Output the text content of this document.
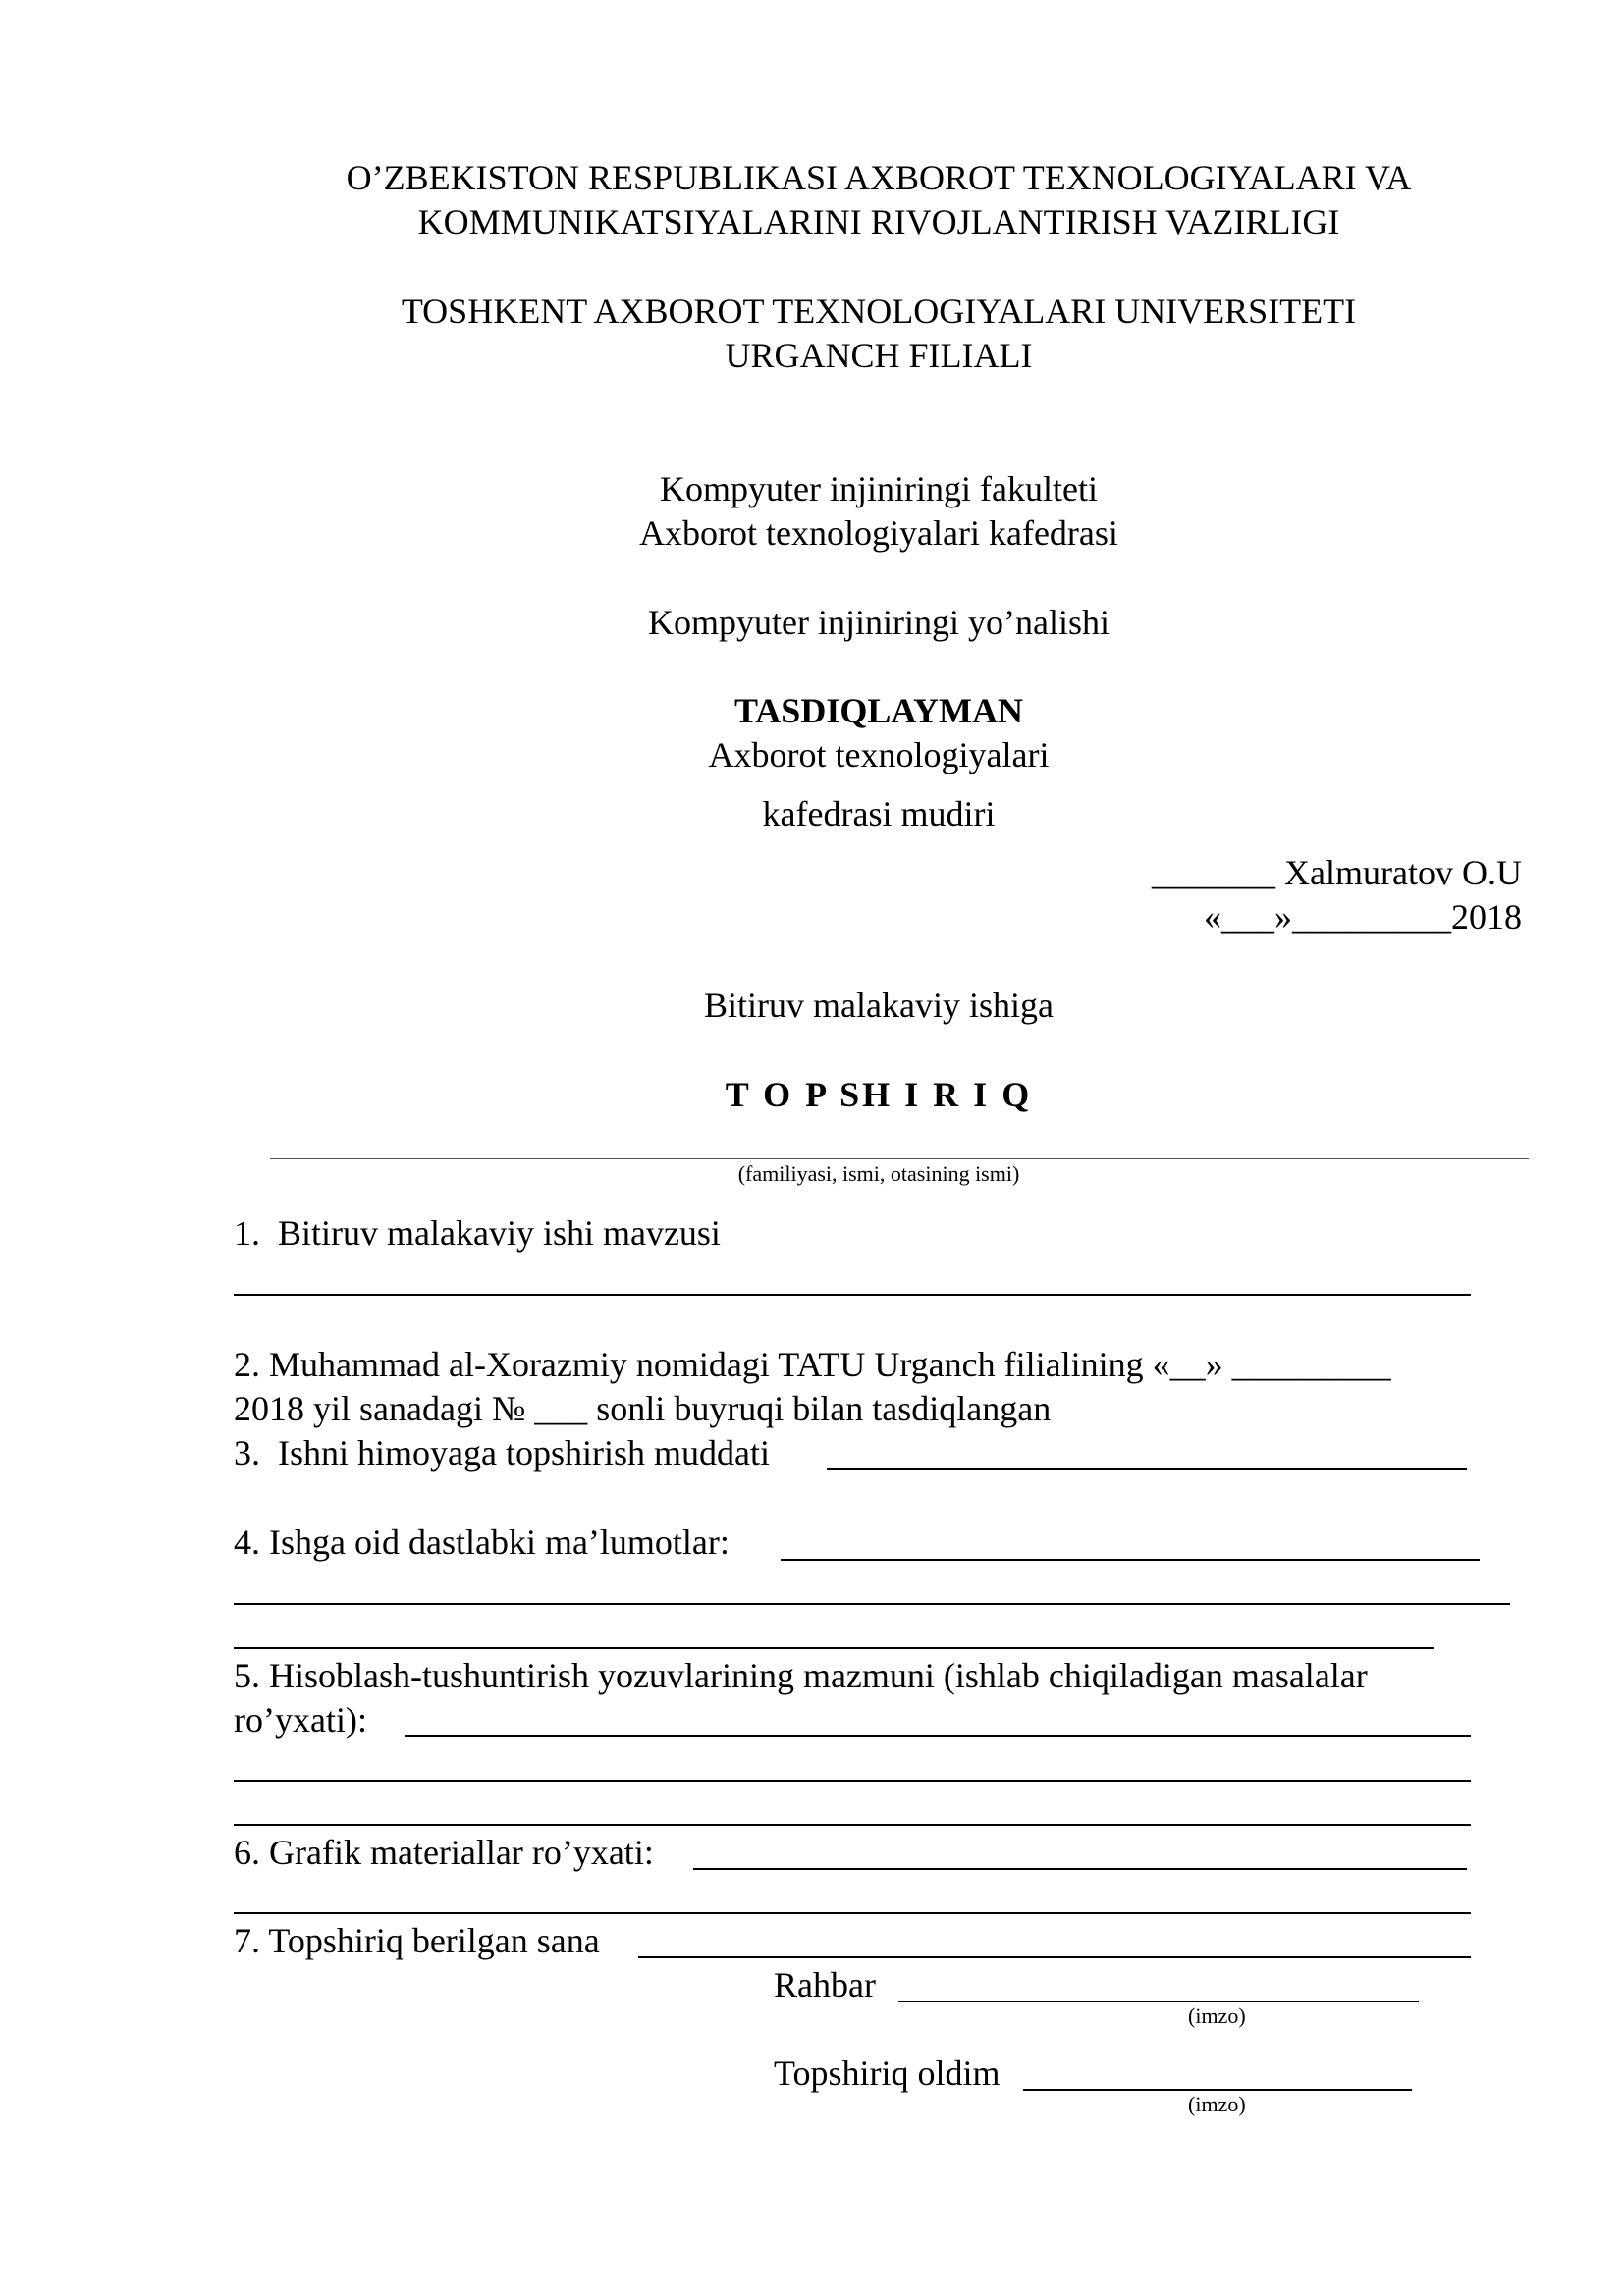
O’ZBEKISTON RESPUBLIKASI AXBOROT TEXNOLOGIYALARI VA
KOMMUNIKATSIYALARINI RIVOJLANTIRISH VAZIRLIGI
TOSHKENT AXBOROT TEXNOLOGIYALARI UNIVERSITETI
URGANCH FILIALI
Kompyuter injiniringi fakulteti
Axborot texnologiyalari kafedrasi
Kompyuter injiniringi yo’nalishi
TASDIQLAYMAN
Axborot texnologiyalari
kafedrasi mudiri
_______ Xalmuratov O.U
«___»_________2018
Bitiruv malakaviy ishiga
T O P SH I R I Q
(familiyasi, ismi, otasining ismi)
1.  Bitiruv malakaviy ishi mavzusi
2. Muhammad al-Xorazmiy nomidagi TATU Urganch filialining «__» _________
2018 yil sanadagi № ___ sonli buyruqi bilan tasdiqlangan
3.  Ishni himoyaga topshirish muddati
4. Ishga oid dastlabki ma’lumotlar:
5. Hisoblash-tushuntirish yozuvlarining mazmuni (ishlab chiqiladigan masalalar
ro’yxati):
6. Grafik materiallar ro’yxati:
7. Topshiriq berilgan sana
Rahbar
(imzo)
Topshiriq oldim
(imzo)
